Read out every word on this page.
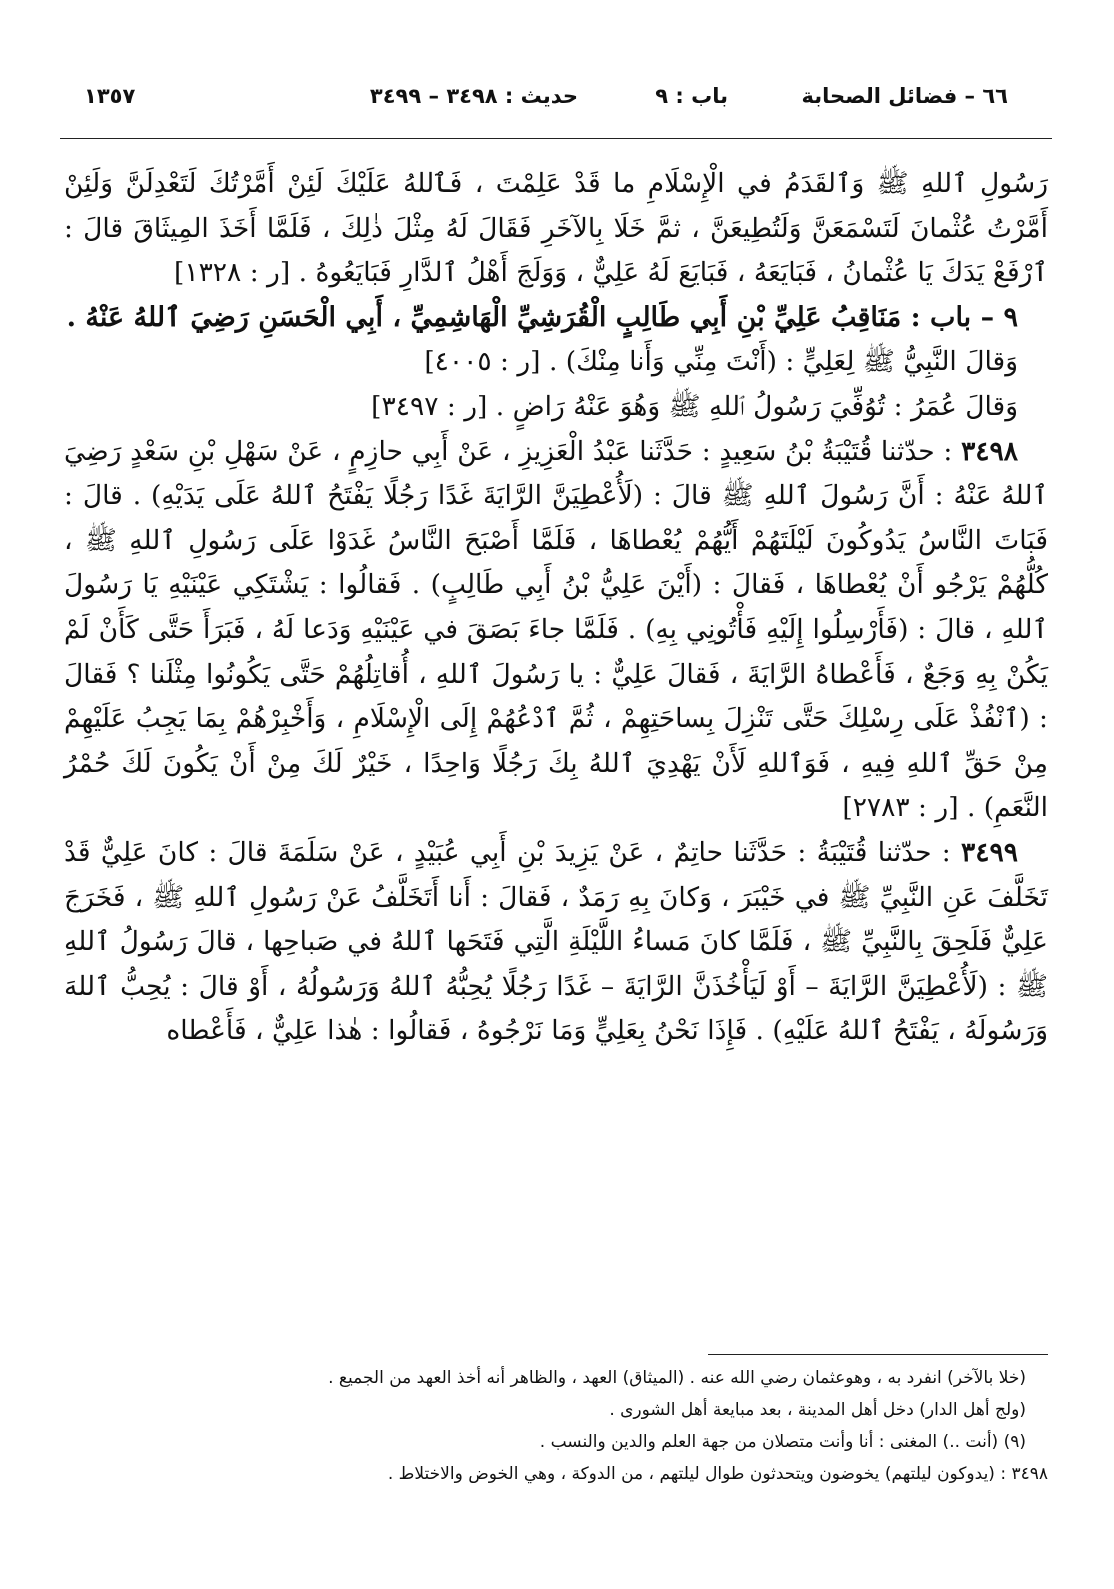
٦٦ – فضائل الصحابة
باب : ٩
حديث : ٣٤٩٨ – ٣٤٩٩
١٣٥٧

رَسُولِ ٱللهِ ﷺ وَٱلقَدَمُ في الْإِسْلَامِ ما قَدْ عَلِمْتَ ، فَٱللهُ عَلَيْكَ لَئِنْ أَمَّرْتُكَ لَتَعْدِلَنَّ وَلَئِنْ أَمَّرْتُ عُثْمانَ لَتَسْمَعَنَّ وَلَتُطِيعَنَّ ، ثمَّ خَلَا بِالآخَرِ فَقَالَ لَهُ مِثْلَ ذٰلِكَ ، فَلَمَّا أَخَذَ المِيثَاقَ قالَ : ٱرْفَعْ يَدَكَ يَا عُثْمانُ ، فَبَايَعَهُ ، فَبَايَعَ لَهُ عَلِيٌّ ، وَوَلَجَ أَهْلُ ٱلدَّارِ فَبَايَعُوهُ . [ر : ١٣٢٨]

٩ – باب : مَنَاقِبُ عَلِيِّ بْنِ أَبِي طَالِبٍ الْقُرَشِيِّ الْهَاشِمِيِّ ، أَبِي الْحَسَنِ رَضِيَ ٱللهُ عَنْهُ .

وَقالَ النَّبِيُّ ﷺ لِعَلِيٍّ : (أَنْتَ مِنِّي وَأَنا مِنْكَ) . [ر : ٤٠٠٥]

وَقالَ عُمَرُ : تُوُفِّيَ رَسُولُ ٱللهِ ﷺ وَهُوَ عَنْهُ رَاضٍ . [ر : ٣٤٩٧]

٣٤٩٨ : حدّثنا قُتَيْبَةُ بْنُ سَعِيدٍ : حَدَّثَنا عَبْدُ الْعَزِيزِ ، عَنْ أَبِي حازِمٍ ، عَنْ سَهْلِ بْنِ سَعْدٍ رَضِيَ ٱللهُ عَنْهُ : أَنَّ رَسُولَ ٱللهِ ﷺ قالَ : (لَأُعْطِيَنَّ الرَّايَةَ غَدًا رَجُلًا يَفْتَحُ ٱللهُ عَلَى يَدَيْهِ) . قالَ : فَبَاتَ النَّاسُ يَدُوكُونَ لَيْلَتَهُمْ أَيُّهُمْ يُعْطاهَا ، فَلَمَّا أَصْبَحَ النَّاسُ غَدَوْا عَلَى رَسُولِ ٱللهِ ﷺ ، كُلُّهُمْ يَرْجُو أَنْ يُعْطاهَا ، فَقالَ : (أَيْنَ عَلِيُّ بْنُ أَبِي طَالِبٍ) . فَقالُوا : يَشْتَكِي عَيْنَيْهِ يَا رَسُولَ ٱللهِ ، قالَ : (فَأَرْسِلُوا إِلَيْهِ فَأْتُونِي بِهِ) . فَلَمَّا جاءَ بَصَقَ في عَيْنَيْهِ وَدَعا لَهُ ، فَبَرَأَ حَتَّى كَأَنْ لَمْ يَكُنْ بِهِ وَجَعٌ ، فَأَعْطاهُ الرَّايَةَ ، فَقالَ عَلِيٌّ : يا رَسُولَ ٱللهِ ، أُقاتِلُهُمْ حَتَّى يَكُونُوا مِثْلَنا ؟ فَقالَ : (ٱنْفُذْ عَلَى رِسْلِكَ حَتَّى تَنْزِلَ بِساحَتِهِمْ ، ثُمَّ ٱدْعُهُمْ إِلَى الْإِسْلَامِ ، وَأَخْبِرْهُمْ بِمَا يَجِبُ عَلَيْهِمْ مِنْ حَقِّ ٱللهِ فِيهِ ، فَوَٱللهِ لَأَنْ يَهْدِيَ ٱللهُ بِكَ رَجُلًا وَاحِدًا ، خَيْرٌ لَكَ مِنْ أَنْ يَكُونَ لَكَ حُمْرُ النَّعَمِ) . [ر : ٢٧٨٣]

٣٤٩٩ : حدّثنا قُتَيْبَةُ : حَدَّثَنا حاتِمٌ ، عَنْ يَزِيدَ بْنِ أَبِي عُبَيْدٍ ، عَنْ سَلَمَةَ قالَ : كانَ عَلِيٌّ قَدْ تَخَلَّفَ عَنِ النَّبِيِّ ﷺ في خَيْبَرَ ، وَكانَ بِهِ رَمَدٌ ، فَقالَ : أَنا أَتَخَلَّفُ عَنْ رَسُولِ ٱللهِ ﷺ ، فَخَرَجَ عَلِيٌّ فَلَحِقَ بِالنَّبِيِّ ﷺ ، فَلَمَّا كانَ مَساءُ اللَّيْلَةِ الَّتِي فَتَحَها ٱللهُ في صَباحِها ، قالَ رَسُولُ ٱللهِ ﷺ : (لَأُعْطِيَنَّ الرَّايَةَ – أَوْ لَيَأْخُذَنَّ الرَّايَةَ – غَدًا رَجُلًا يُحِبُّهُ ٱللهُ وَرَسُولُهُ ، أَوْ قالَ : يُحِبُّ ٱللهَ وَرَسُولَهُ ، يَفْتَحُ ٱللهُ عَلَيْهِ) . فَإِذَا نَحْنُ بِعَلِيٍّ وَمَا نَرْجُوهُ ، فَقالُوا : هٰذا عَلِيٌّ ، فَأَعْطاه

(خلا بالآخر) انفرد به ، وهوعثمان رضي الله عنه . (الميثاق) العهد ، والظاهر أنه أخذ العهد من الجميع .

(ولج أهل الدار) دخل أهل المدينة ، بعد مبايعة أهل الشورى .

(٩) (أنت ..) المغنى : أنا وأنت متصلان من جهة العلم والدين والنسب .

٣٤٩٨ : (يدوكون ليلتهم) يخوضون ويتحدثون طوال ليلتهم ، من الدوكة ، وهي الخوض والاختلاط .
